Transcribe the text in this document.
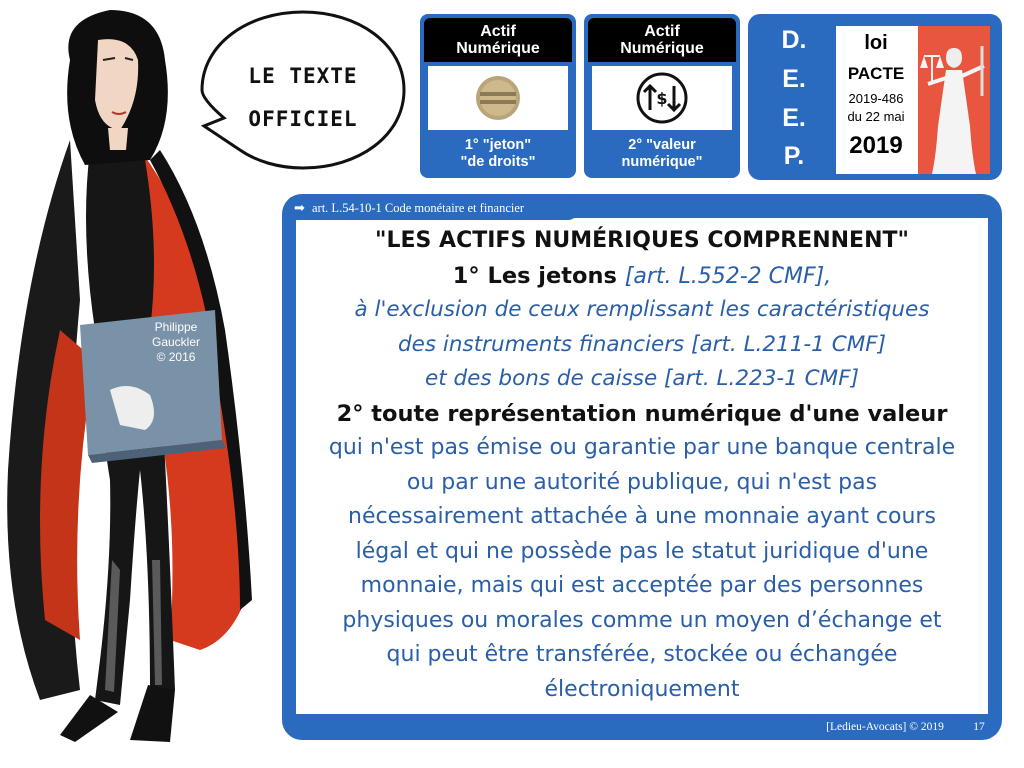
Philippe
Gauckler
© 2016
LE TEXTE
OFFICIEL
Actif
Numérique
1° "jeton"
"de droits"
Actif
Numérique
$
2° "valeur
numérique"
D.
E.
E.
P.
loi
PACTE
2019-486
du 22 mai
2019
➡ art. L.54-10-1 Code monétaire et financier
"LES ACTIFS NUMÉRIQUES COMPRENNENT"
1° Les jetons [art. L.552-2 CMF],
à l'exclusion de ceux remplissant les caractéristiques
des instruments financiers [art. L.211-1 CMF]
et des bons de caisse [art. L.223-1 CMF]
2° toute représentation numérique d'une valeur
qui n'est pas émise ou garantie par une banque centrale
ou par une autorité publique, qui n'est pas
nécessairement attachée à une monnaie ayant cours
légal et qui ne possède pas le statut juridique d'une
monnaie, mais qui est acceptée par des personnes
physiques ou morales comme un moyen d’échange et
qui peut être transférée, stockée ou échangée
électroniquement
[Ledieu-Avocats] © 2019	17
